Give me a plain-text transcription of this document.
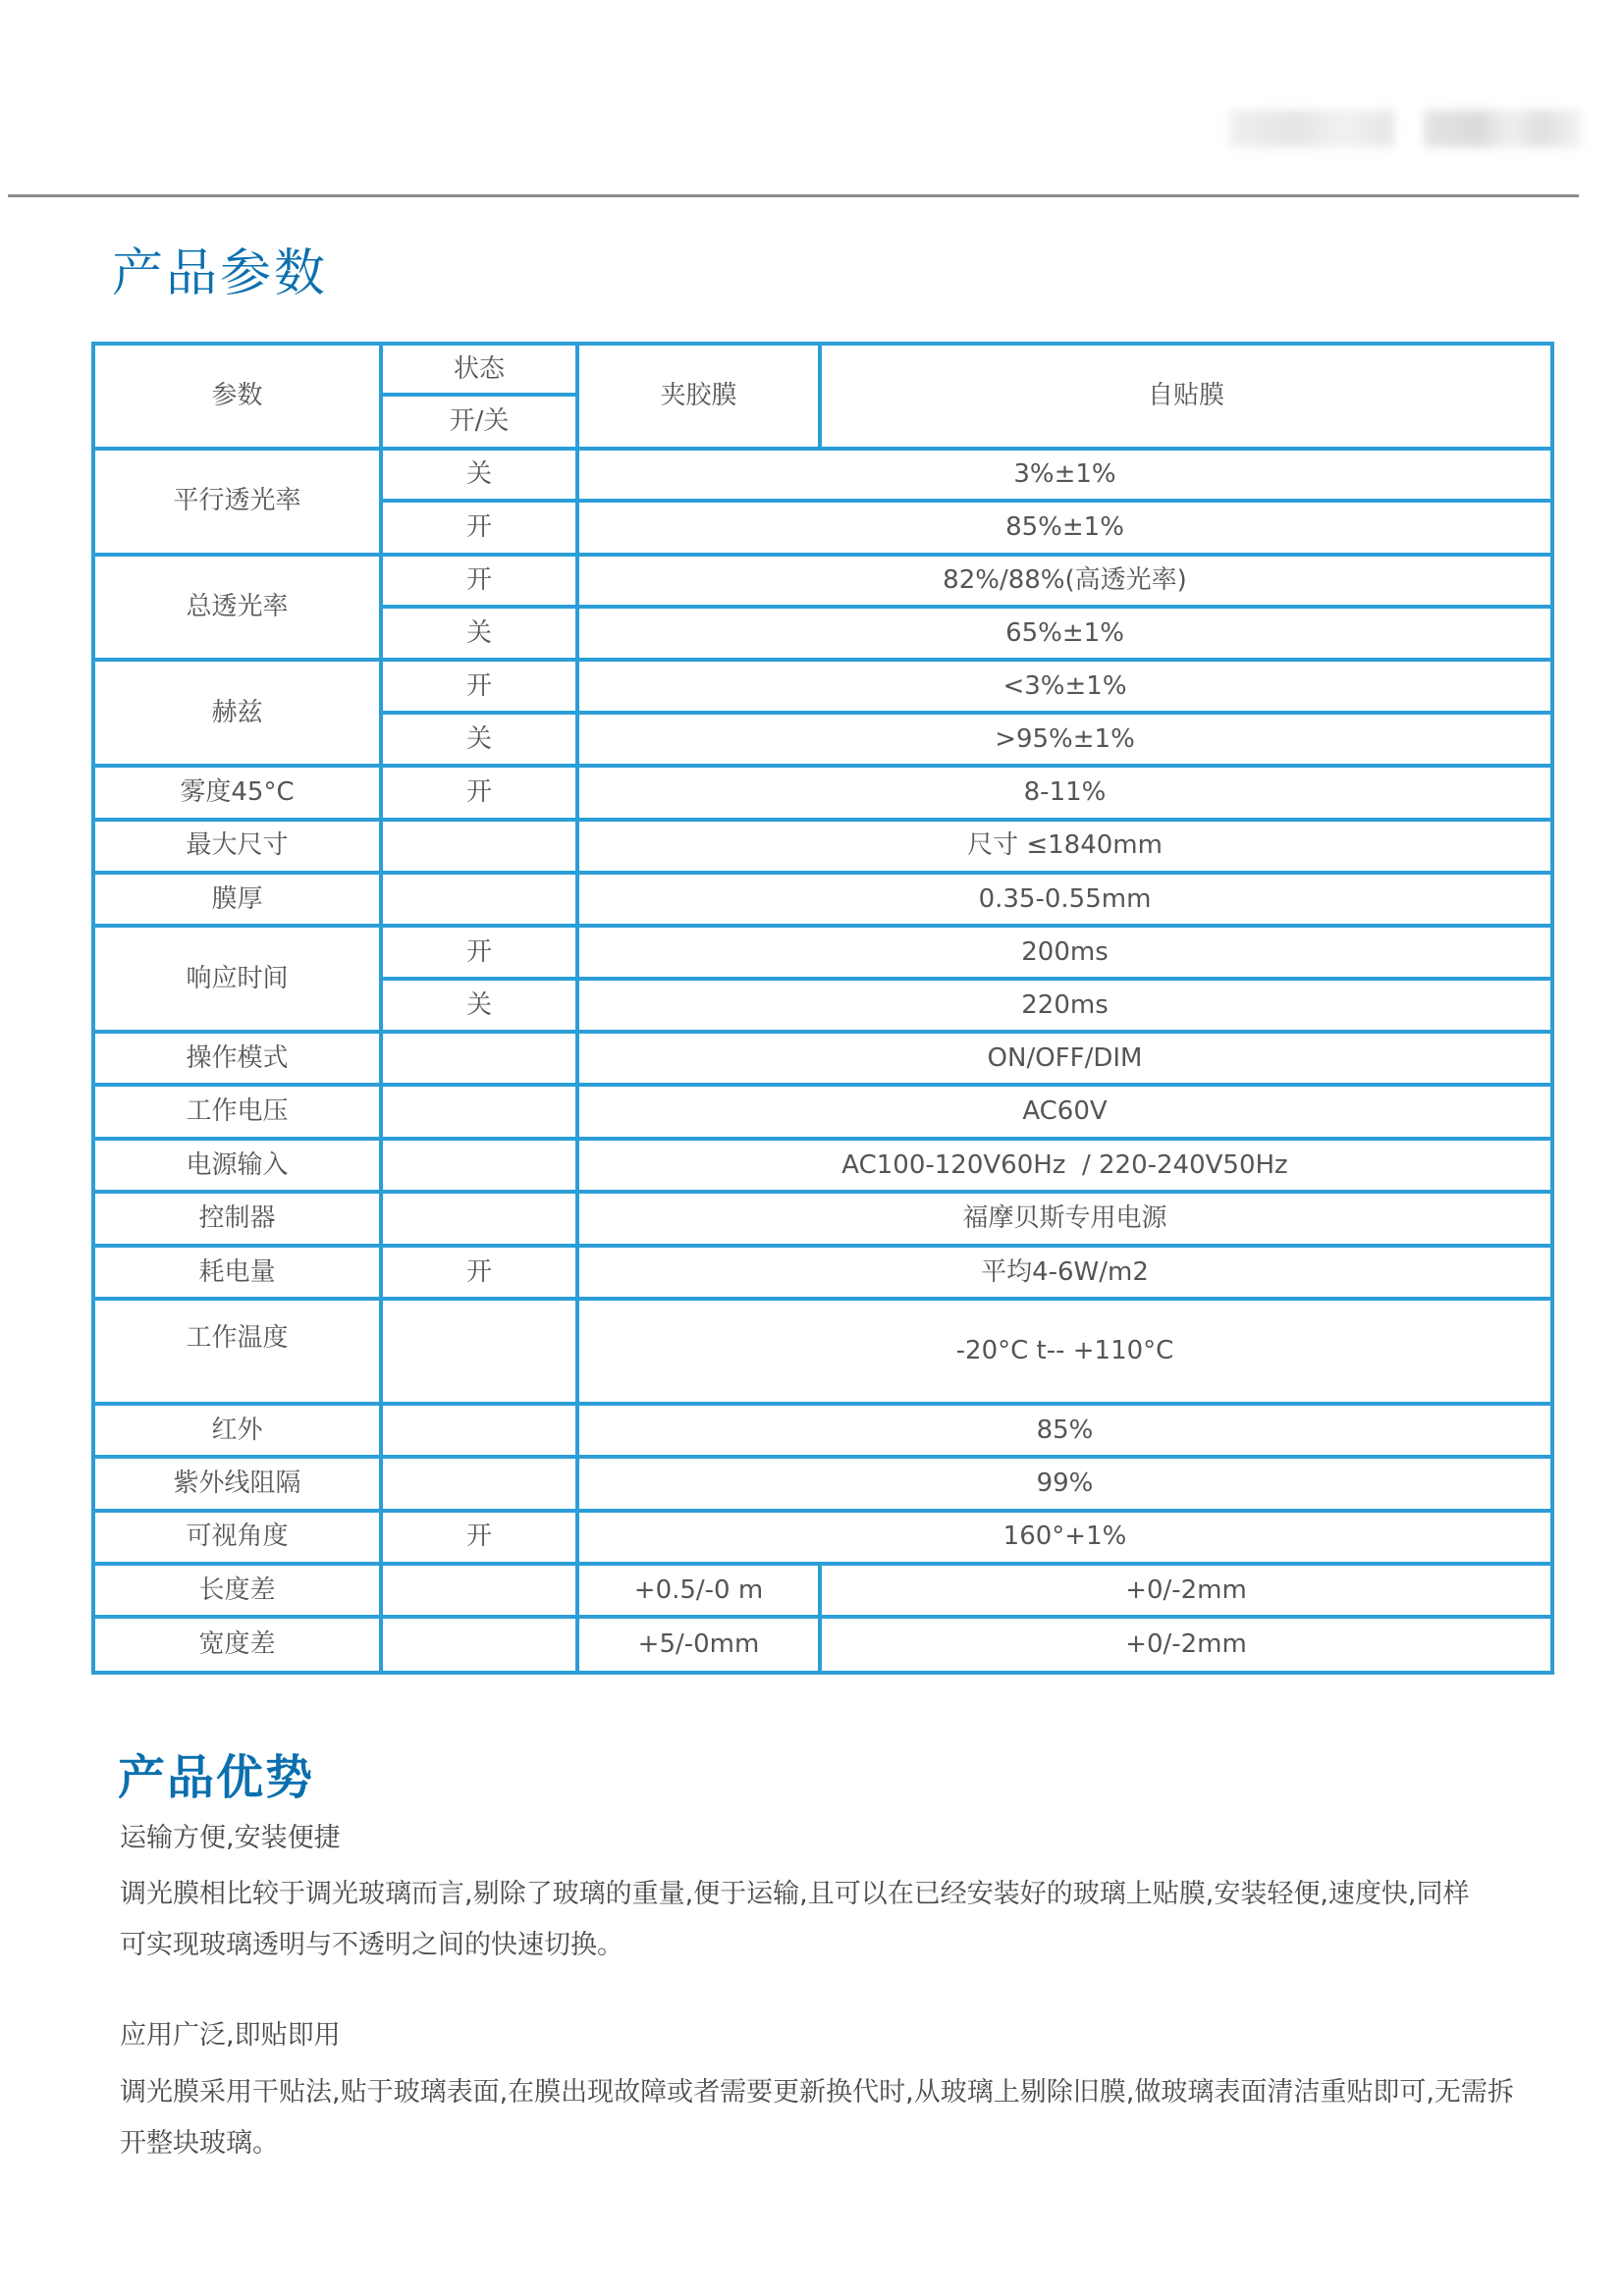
产品参数
参数	状态	夹胶膜	自贴膜
	开/关		
平行透光率	关	3%±1%	
	开	85%±1%	
总透光率	开	82%/88%(高透光率)	
	关	65%±1%	
赫兹	开	<3%±1%	
	关	>95%±1%	
雾度45°C	开	8-11%	
最大尺寸		尺寸 ≤1840mm	
膜厚		0.35-0.55mm	
响应时间	开	200ms	
	关	220ms	
操作模式		ON/OFF/DIM	
工作电压		AC60V	
电源输入		AC100-120V60Hz  / 220-240V50Hz	
控制器		福摩贝斯专用电源	
耗电量	开	平均4-6W/m2	
工作温度		-20°C t-- +110°C	
红外		85%	
紫外线阻隔		99%	
可视角度	开	160°+1%	
长度差		+0.5/-0 m	+0/-2mm
宽度差		+5/-0mm	+0/-2mm
产品优势
运输方便,安装便捷
调光膜相比较于调光玻璃而言,剔除了玻璃的重量,便于运输,且可以在已经安装好的玻璃上贴膜,安装轻便,速度快,同样可实现玻璃透明与不透明之间的快速切换。
应用广泛,即贴即用
调光膜采用干贴法,贴于玻璃表面,在膜出现故障或者需要更新换代时,从玻璃上剔除旧膜,做玻璃表面清洁重贴即可,无需拆开整块玻璃。
